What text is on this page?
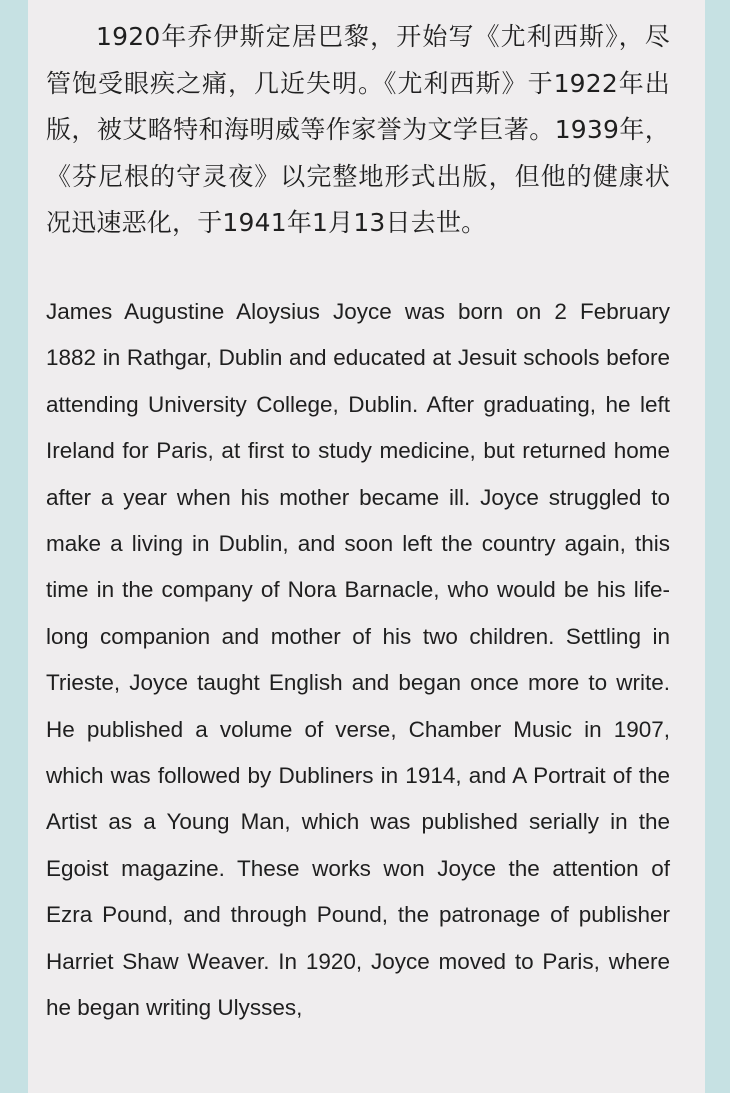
1920年乔伊斯定居巴黎，开始写《尤利西斯》，尽管饱受眼疾之痛，几近失明。《尤利西斯》于1922年出版，被艾略特和海明威等作家誉为文学巨著。1939年，《芬尼根的守灵夜》以完整地形式出版，但他的健康状况迅速恶化，于1941年1月13日去世。

James Augustine Aloysius Joyce was born on 2 February 1882 in Rathgar, Dublin and educated at Jesuit schools before attending University College, Dublin. After graduating, he left Ireland for Paris, at first to study medicine, but returned home after a year when his mother became ill. Joyce struggled to make a living in Dublin, and soon left the country again, this time in the company of Nora Barnacle, who would be his life-long companion and mother of his two children. Settling in Trieste, Joyce taught English and began once more to write. He published a volume of verse, Chamber Music in 1907, which was followed by Dubliners in 1914, and A Portrait of the Artist as a Young Man, which was published serially in the Egoist magazine. These works won Joyce the attention of Ezra Pound, and through Pound, the patronage of publisher Harriet Shaw Weaver. In 1920, Joyce moved to Paris, where he began writing Ulysses,
